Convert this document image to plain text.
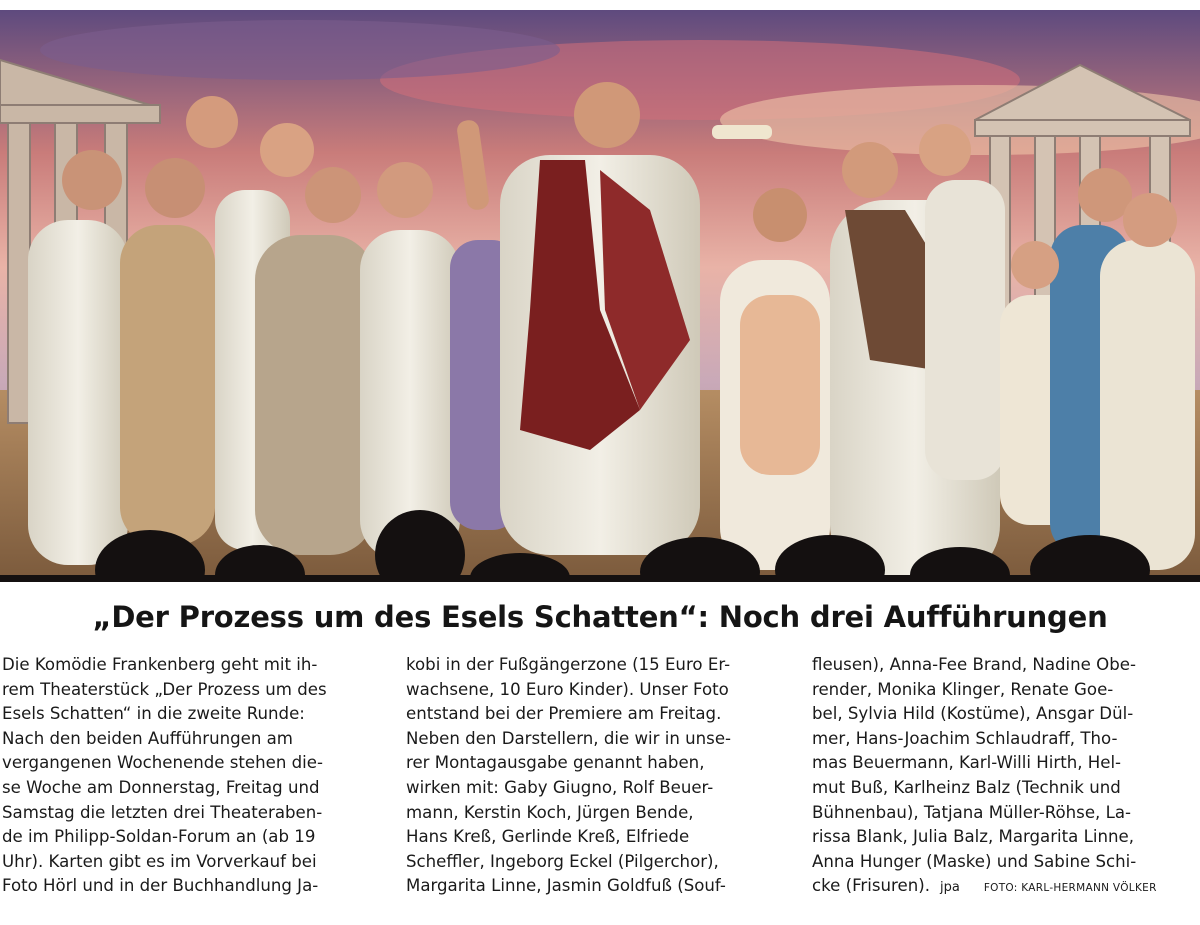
„Der Prozess um des Esels Schatten“: Noch drei Aufführungen
Die Komödie Frankenberg geht mit ih-
rem Theaterstück „Der Prozess um des
Esels Schatten“ in die zweite Runde:
Nach den beiden Aufführungen am
vergangenen Wochenende stehen die-
se Woche am Donnerstag, Freitag und
Samstag die letzten drei Theateraben-
de im Philipp-Soldan-Forum an (ab 19
Uhr). Karten gibt es im Vorverkauf bei
Foto Hörl und in der Buchhandlung Ja-
kobi in der Fußgängerzone (15 Euro Er-
wachsene, 10 Euro Kinder). Unser Foto
entstand bei der Premiere am Freitag.
Neben den Darstellern, die wir in unse-
rer Montagausgabe genannt haben,
wirken mit: Gaby Giugno, Rolf Beuer-
mann, Kerstin Koch, Jürgen Bende,
Hans Kreß, Gerlinde Kreß, Elfriede
Scheffler, Ingeborg Eckel (Pilgerchor),
Margarita Linne, Jasmin Goldfuß (Souf-
fleusen), Anna-Fee Brand, Nadine Obe-
render, Monika Klinger, Renate Goe-
bel, Sylvia Hild (Kostüme), Ansgar Dül-
mer, Hans-Joachim Schlaudraff, Tho-
mas Beuermann, Karl-Willi Hirth, Hel-
mut Buß, Karlheinz Balz (Technik und
Bühnenbau), Tatjana Müller-Röhse, La-
rissa Blank, Julia Balz, Margarita Linne,
Anna Hunger (Maske) und Sabine Schi-
cke (Frisuren). jpa FOTO: KARL-HERMANN VÖLKER
